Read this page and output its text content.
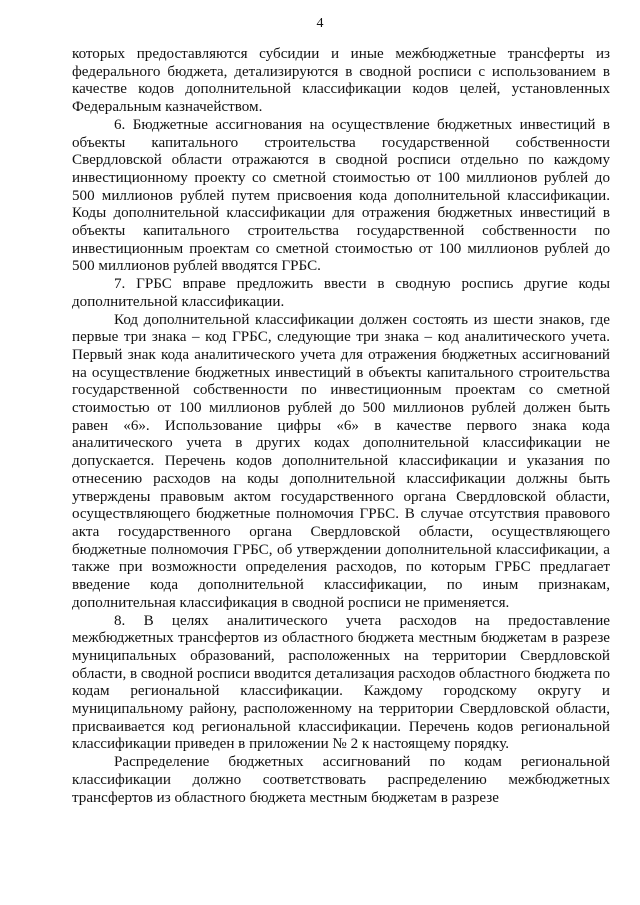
4

которых предоставляются субсидии и иные межбюджетные трансферты из федерального бюджета, детализируются в сводной росписи с использованием в качестве кодов дополнительной классификации кодов целей, установленных Федеральным казначейством.

6. Бюджетные ассигнования на осуществление бюджетных инвестиций в объекты капитального строительства государственной собственности Свердловской области отражаются в сводной росписи отдельно по каждому инвестиционному проекту со сметной стоимостью от 100 миллионов рублей до 500 миллионов рублей путем присвоения кода дополнительной классификации. Коды дополнительной классификации для отражения бюджетных инвестиций в объекты капитального строительства государственной собственности по инвестиционным проектам со сметной стоимостью от 100 миллионов рублей до 500 миллионов рублей вводятся ГРБС.

7. ГРБС вправе предложить ввести в сводную роспись другие коды дополнительной классификации.

Код дополнительной классификации должен состоять из шести знаков, где первые три знака – код ГРБС, следующие три знака – код аналитического учета. Первый знак кода аналитического учета для отражения бюджетных ассигнований на осуществление бюджетных инвестиций в объекты капитального строительства государственной собственности по инвестиционным проектам со сметной стоимостью от 100 миллионов рублей до 500 миллионов рублей должен быть равен «6». Использование цифры «6» в качестве первого знака кода аналитического учета в других кодах дополнительной классификации не допускается. Перечень кодов дополнительной классификации и указания по отнесению расходов на коды дополнительной классификации должны быть утверждены правовым актом государственного органа Свердловской области, осуществляющего бюджетные полномочия ГРБС. В случае отсутствия правового акта государственного органа Свердловской области, осуществляющего бюджетные полномочия ГРБС, об утверждении дополнительной классификации, а также при возможности определения расходов, по которым ГРБС предлагает введение кода дополнительной классификации, по иным признакам, дополнительная классификация в сводной росписи не применяется.

8. В целях аналитического учета расходов на предоставление межбюджетных трансфертов из областного бюджета местным бюджетам в разрезе муниципальных образований, расположенных на территории Свердловской области, в сводной росписи вводится детализация расходов областного бюджета по кодам региональной классификации. Каждому городскому округу и муниципальному району, расположенному на территории Свердловской области, присваивается код региональной классификации. Перечень кодов региональной классификации приведен в приложении № 2 к настоящему порядку.

Распределение бюджетных ассигнований по кодам региональной классификации должно соответствовать распределению межбюджетных трансфертов из областного бюджета местным бюджетам в разрезе
